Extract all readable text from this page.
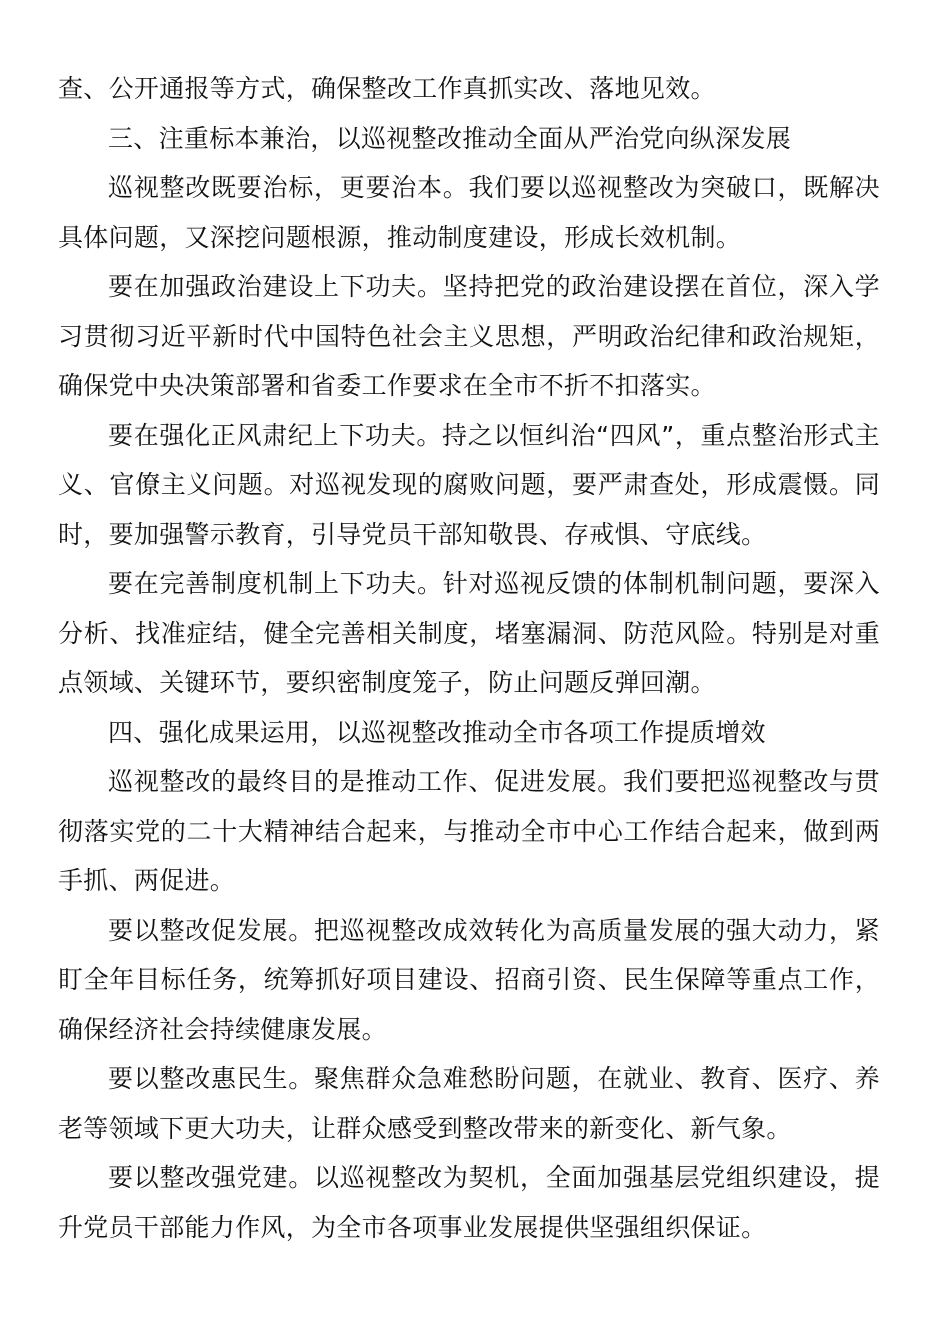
查、公开通报等方式，确保整改工作真抓实改、落地见效。

三、注重标本兼治，以巡视整改推动全面从严治党向纵深发展

巡视整改既要治标，更要治本。我们要以巡视整改为突破口，既解决具体问题，又深挖问题根源，推动制度建设，形成长效机制。

要在加强政治建设上下功夫。坚持把党的政治建设摆在首位，深入学习贯彻习近平新时代中国特色社会主义思想，严明政治纪律和政治规矩，确保党中央决策部署和省委工作要求在全市不折不扣落实。

要在强化正风肃纪上下功夫。持之以恒纠治“四风”，重点整治形式主义、官僚主义问题。对巡视发现的腐败问题，要严肃查处，形成震慑。同时，要加强警示教育，引导党员干部知敬畏、存戒惧、守底线。

要在完善制度机制上下功夫。针对巡视反馈的体制机制问题，要深入分析、找准症结，健全完善相关制度，堵塞漏洞、防范风险。特别是对重点领域、关键环节，要织密制度笼子，防止问题反弹回潮。

四、强化成果运用，以巡视整改推动全市各项工作提质增效

巡视整改的最终目的是推动工作、促进发展。我们要把巡视整改与贯彻落实党的二十大精神结合起来，与推动全市中心工作结合起来，做到两手抓、两促进。

要以整改促发展。把巡视整改成效转化为高质量发展的强大动力，紧盯全年目标任务，统筹抓好项目建设、招商引资、民生保障等重点工作，确保经济社会持续健康发展。

要以整改惠民生。聚焦群众急难愁盼问题，在就业、教育、医疗、养老等领域下更大功夫，让群众感受到整改带来的新变化、新气象。

要以整改强党建。以巡视整改为契机，全面加强基层党组织建设，提升党员干部能力作风，为全市各项事业发展提供坚强组织保证。
